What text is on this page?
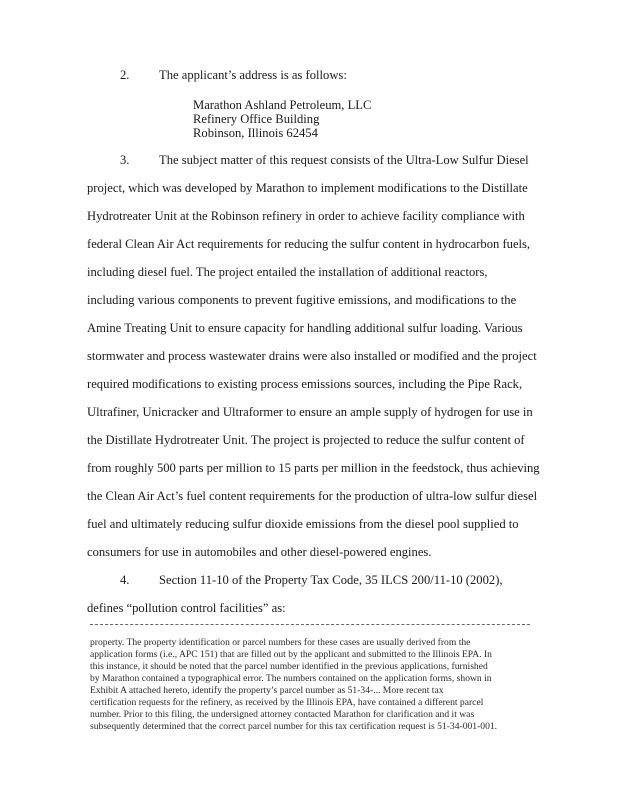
2. The applicant’s address is as follows:
Marathon Ashland Petroleum, LLC
Refinery Office Building
Robinson, Illinois 62454
3. The subject matter of this request consists of the Ultra-Low Sulfur Diesel
project, which was developed by Marathon to implement modifications to the Distillate
Hydrotreater Unit at the Robinson refinery in order to achieve facility compliance with
federal Clean Air Act requirements for reducing the sulfur content in hydrocarbon fuels,
including diesel fuel. The project entailed the installation of additional reactors,
including various components to prevent fugitive emissions, and modifications to the
Amine Treating Unit to ensure capacity for handling additional sulfur loading. Various
stormwater and process wastewater drains were also installed or modified and the project
required modifications to existing process emissions sources, including the Pipe Rack,
Ultrafiner, Unicracker and Ultraformer to ensure an ample supply of hydrogen for use in
the Distillate Hydrotreater Unit. The project is projected to reduce the sulfur content of
from roughly 500 parts per million to 15 parts per million in the feedstock, thus achieving
the Clean Air Act’s fuel content requirements for the production of ultra-low sulfur diesel
fuel and ultimately reducing sulfur dioxide emissions from the diesel pool supplied to
consumers for use in automobiles and other diesel-powered engines.
4. Section 11-10 of the Property Tax Code, 35 ILCS 200/11-10 (2002),
defines “pollution control facilities” as:
property. The property identification or parcel numbers for these cases are usually derived from the
application forms (i.e., APC 151) that are filled out by the applicant and submitted to the Illinois EPA. In
this instance, it should be noted that the parcel number identified in the previous applications, furnished
by Marathon contained a typographical error. The numbers contained on the application forms, shown in
Exhibit A attached hereto, identify the property’s parcel number as 51-34-... More recent tax
certification requests for the refinery, as received by the Illinois EPA, have contained a different parcel
number. Prior to this filing, the undersigned attorney contacted Marathon for clarification and it was
subsequently determined that the correct parcel number for this tax certification request is 51-34-001-001.
